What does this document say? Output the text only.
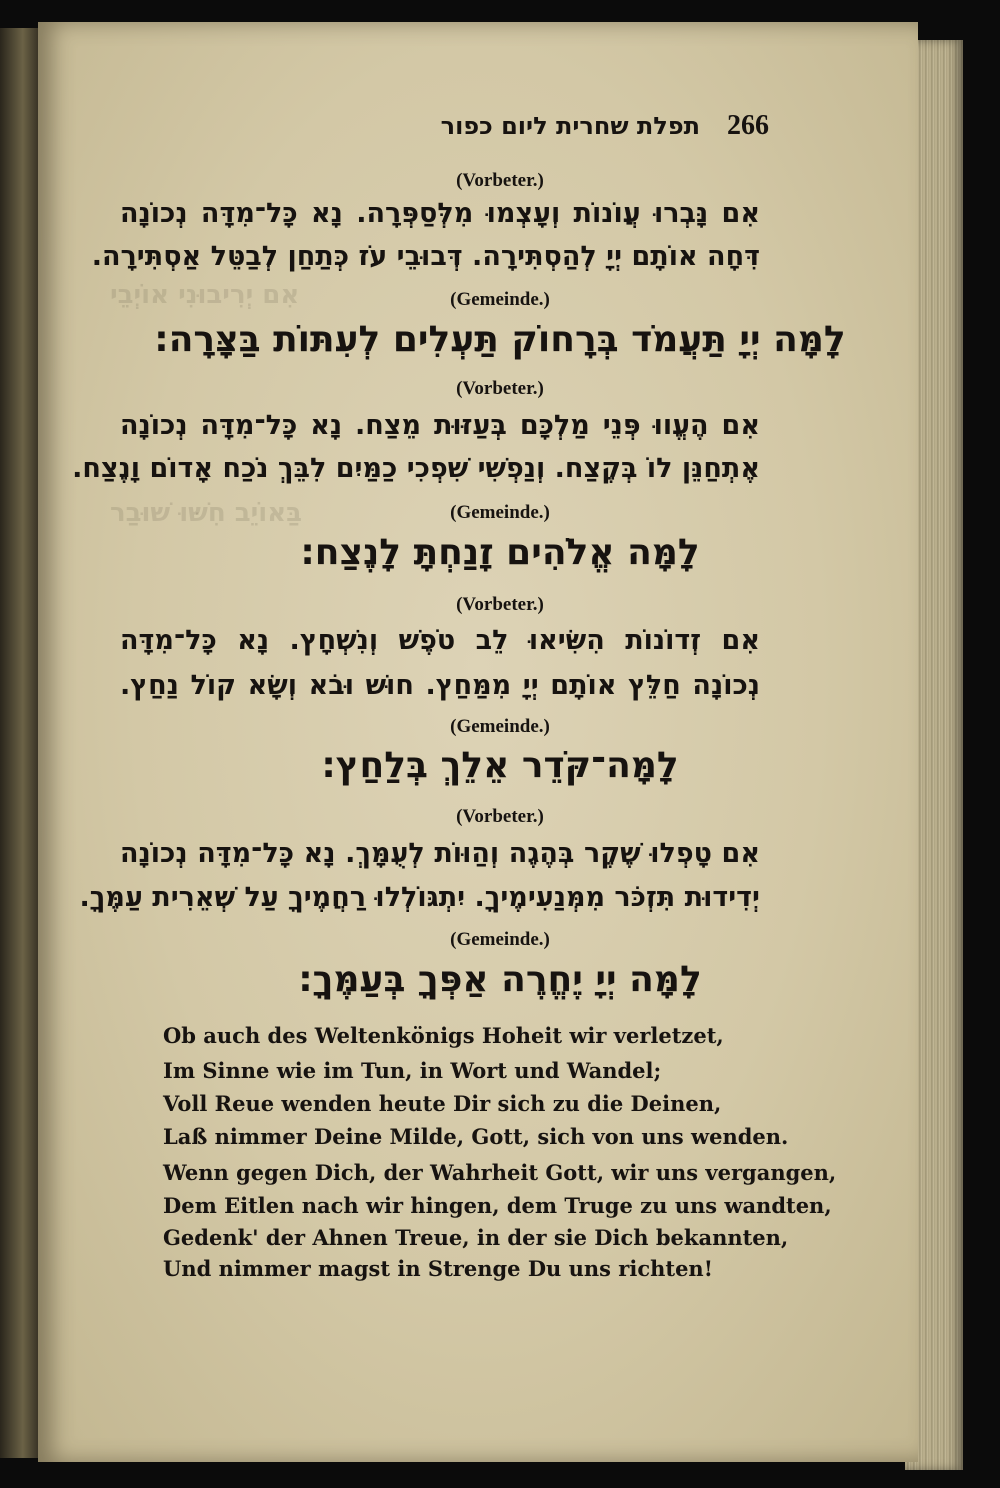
אִם יְרִיבוּנִי אוֹיְבֵי
בַּאוֹיֵב חִשּׁוּ שׁוּבַר
תפלת שחרית ליום כפור 266
(Vorbeter.)
אִם נָּבְרוּ עֲוֹנוֹת וְעָצְמוּ מִלְּסַפְּרָה. נָא כָּל־מִדָּה נְכוֹנָה
דִּחָה אוֹתָם יְיָ לְהַסְתִּירָה. דְּבוּבֵי עֹז כְּתַחַן לְבַטֵּל אַסְתִּירָה.
(Gemeinde.)
לָמָּה יְיָ תַּעֲמֹד בְּרָחוֹק תַּעְלִים לְעִתּוֹת בַּצָּרָה:
(Vorbeter.)
אִם הֶעֱווּ פְּנֵי מַלְכָּם בְּעַזּוּת מֵצַח. נָא כָּל־מִדָּה נְכוֹנָה
אֶתְחַנֵּן לוֹ בְּקֶצַח. וְנַפְשִׁי שִׁפְכִי כַמַּיִם לִבֵּךְ נֹכַח אָדוֹם וָנֶצַח.
(Gemeinde.)
לָמָּה אֱלֹהִים זָנַחְתָּ לָנֶצַח:
(Vorbeter.)
אִם זְדוֹנוֹת הִשִּׂיאוּ לֵב טֹפֶשׁ וְנִשְׁחָץ. נָא כָּל־מִדָּה
נְכוֹנָה חַלֵּץ אוֹתָם יְיָ מִמַּחַץ. חוּשׁ וּבֹא וְשָׂא קוֹל נַחַץ.
(Gemeinde.)
לָמָּה־קֹּדֵר אֵלֵךְ בְּלַחַץ:
(Vorbeter.)
אִם טָפְלוּ שֶׁקֶר בְּהֶגֶה וְהַוּוֹת לְעֻמָּךְ. נָא כָּל־מִדָּה נְכוֹנָה
יְדִידוּת תִּזְכֹּר מִמְּנַעִימֶיךָ. יִתְגּוֹלְלוּ רַחֲמֶיךָ עַל שְׁאֵרִית עַמֶּךָ.
(Gemeinde.)
לָמָּה יְיָ יֶחֱרֶה אַפְּךָ בְּעַמֶּךָ:
Ob auch des Weltenkönigs Hoheit wir verletzet,
Im Sinne wie im Tun, in Wort und Wandel;
Voll Reue wenden heute Dir sich zu die Deinen,
Laß nimmer Deine Milde, Gott, sich von uns wenden.
Wenn gegen Dich, der Wahrheit Gott, wir uns vergangen,
Dem Eitlen nach wir hingen, dem Truge zu uns wandten,
Gedenk' der Ahnen Treue, in der sie Dich bekannten,
Und nimmer magst in Strenge Du uns richten!
